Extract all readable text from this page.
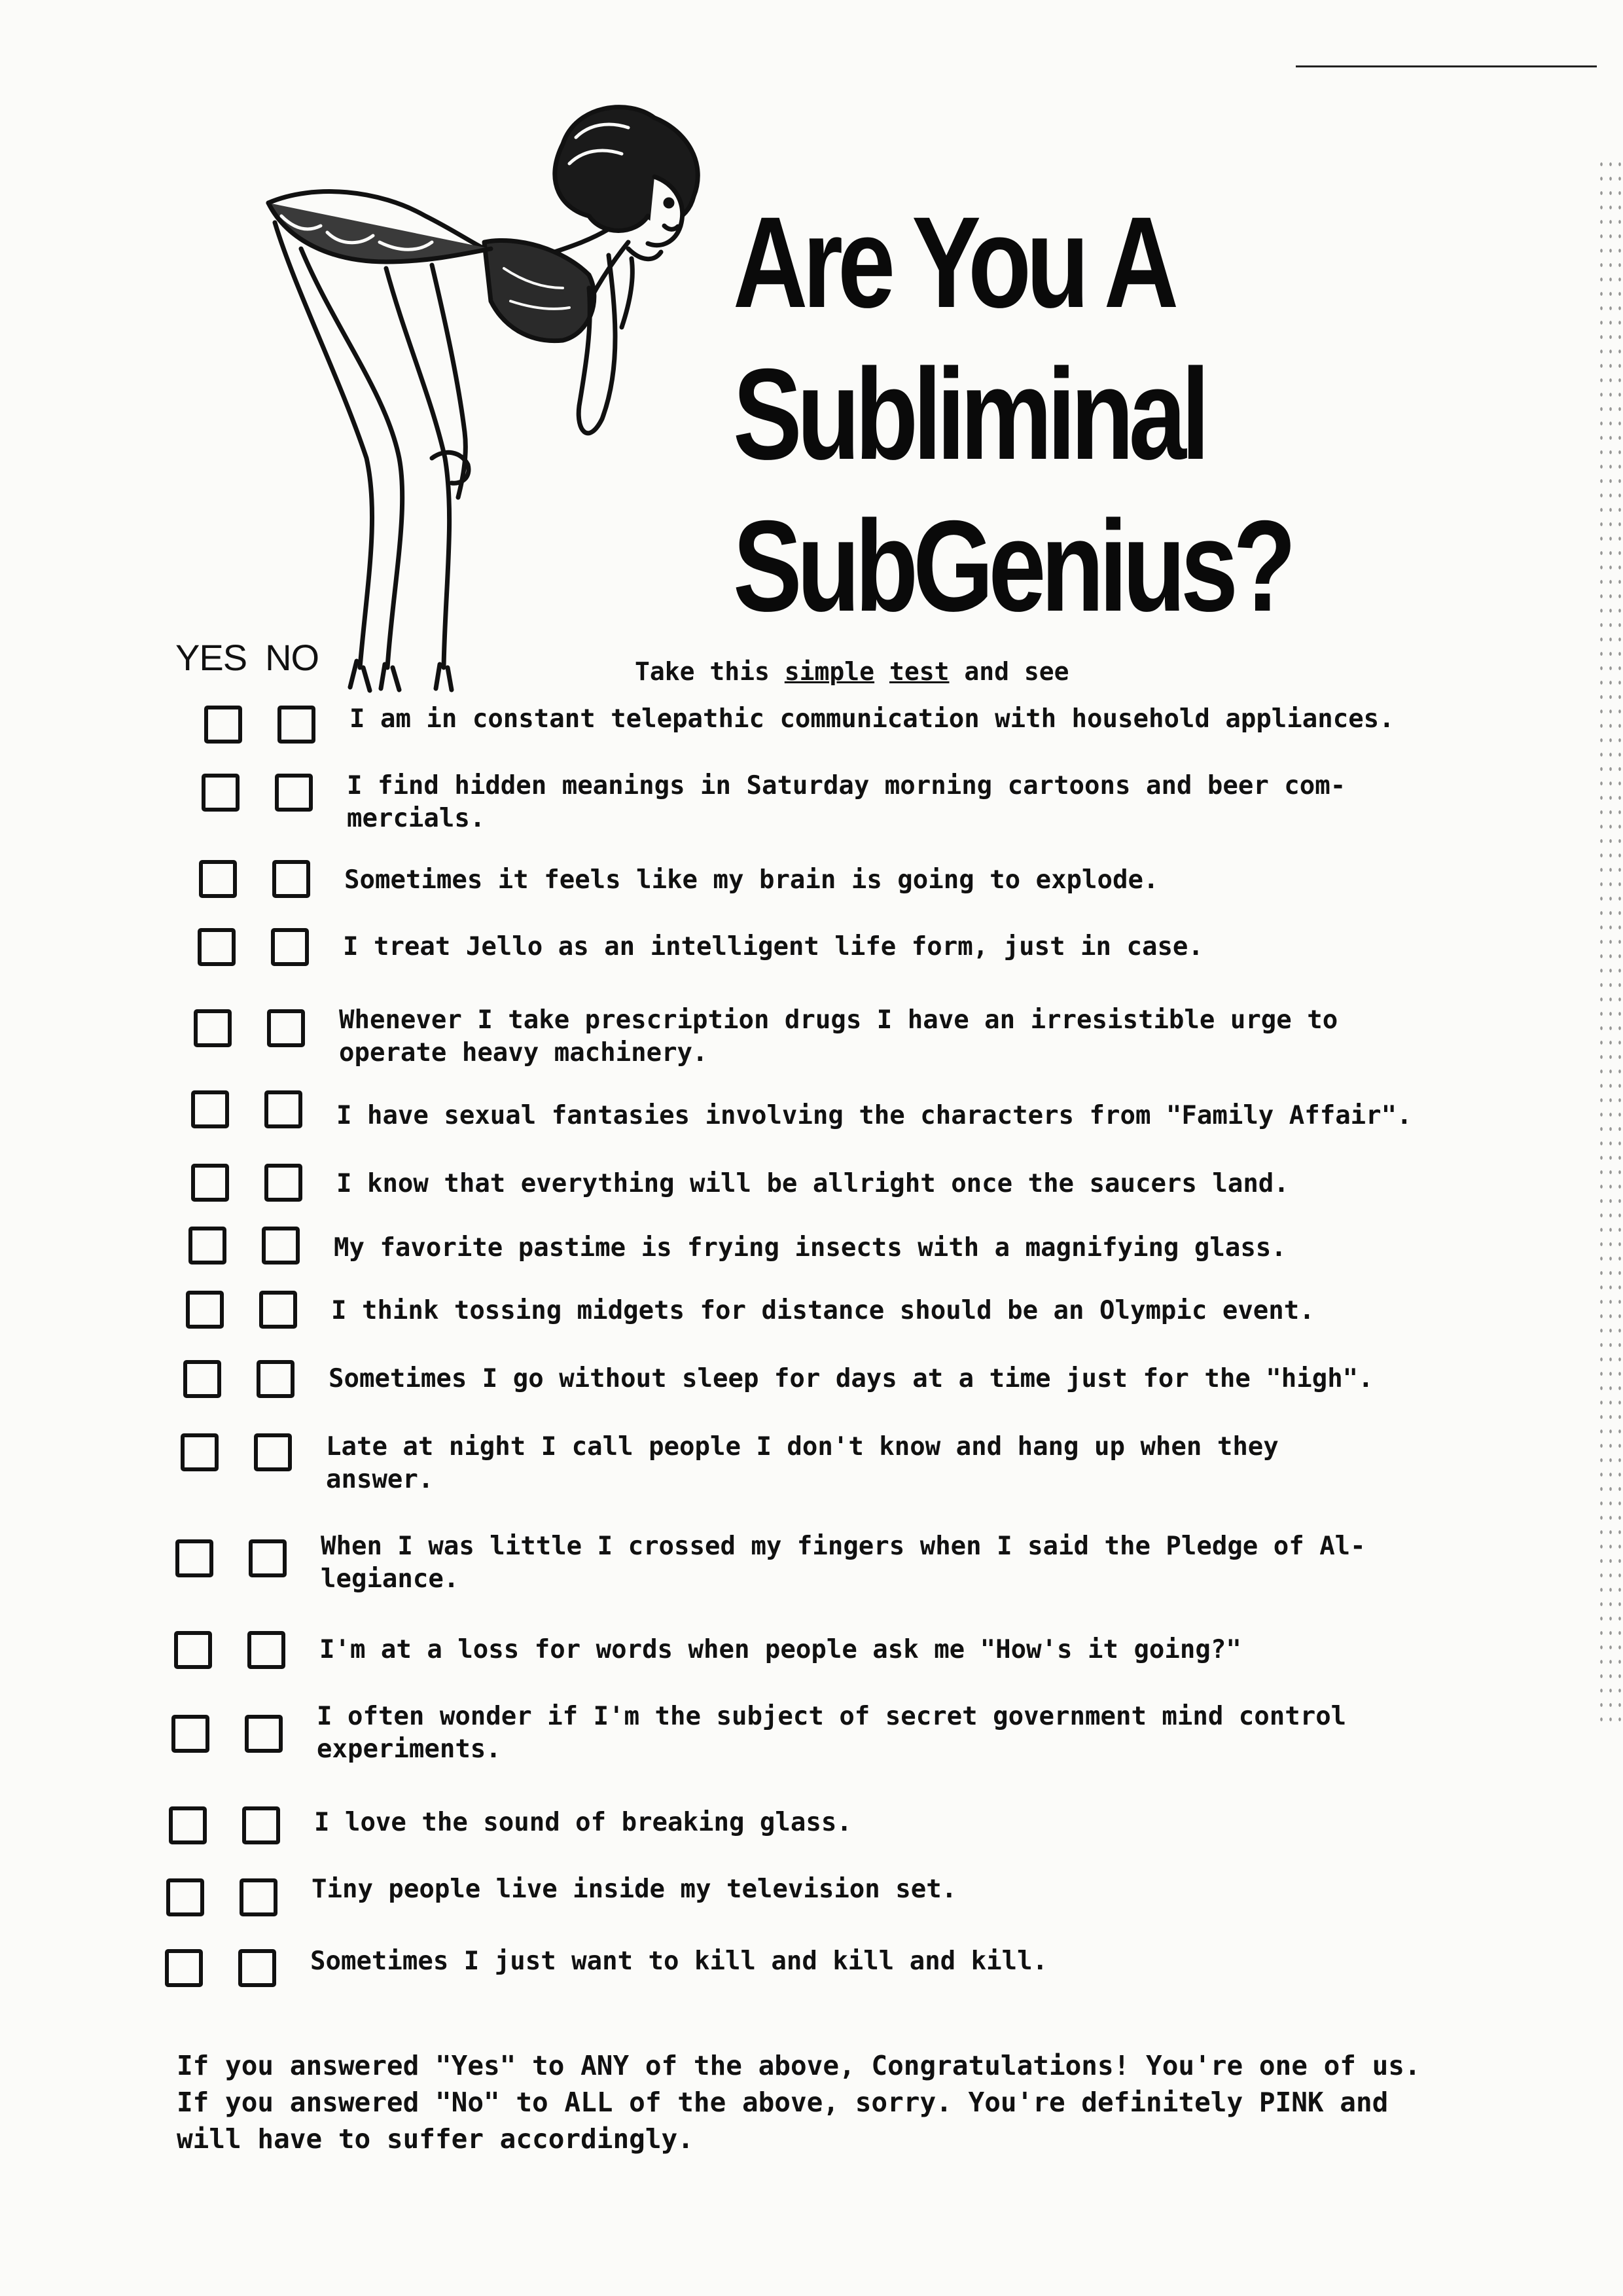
Are You A
Subliminal
SubGenius?
YES NO	Take this simple test and see
I am in constant telepathic communication with household appliances.
I find hidden meanings in Saturday morning cartoons and beer com-
mercials.
Sometimes it feels like my brain is going to explode.
I treat Jello as an intelligent life form, just in case.
Whenever I take prescription drugs I have an irresistible urge to
operate heavy machinery.
I have sexual fantasies involving the characters from "Family Affair".
I know that everything will be allright once the saucers land.
My favorite pastime is frying insects with a magnifying glass.
I think tossing midgets for distance should be an Olympic event.
Sometimes I go without sleep for days at a time just for the "high".
Late at night I call people I don't know and hang up when they
answer.
When I was little I crossed my fingers when I said the Pledge of Al-
legiance.
I'm at a loss for words when people ask me "How's it going?"
I often wonder if I'm the subject of secret government mind control
experiments.
I love the sound of breaking glass.
Tiny people live inside my television set.
Sometimes I just want to kill and kill and kill.
If you answered "Yes" to ANY of the above, Congratulations! You're one of us.
If you answered "No" to ALL of the above, sorry. You're definitely PINK and
will have to suffer accordingly.
